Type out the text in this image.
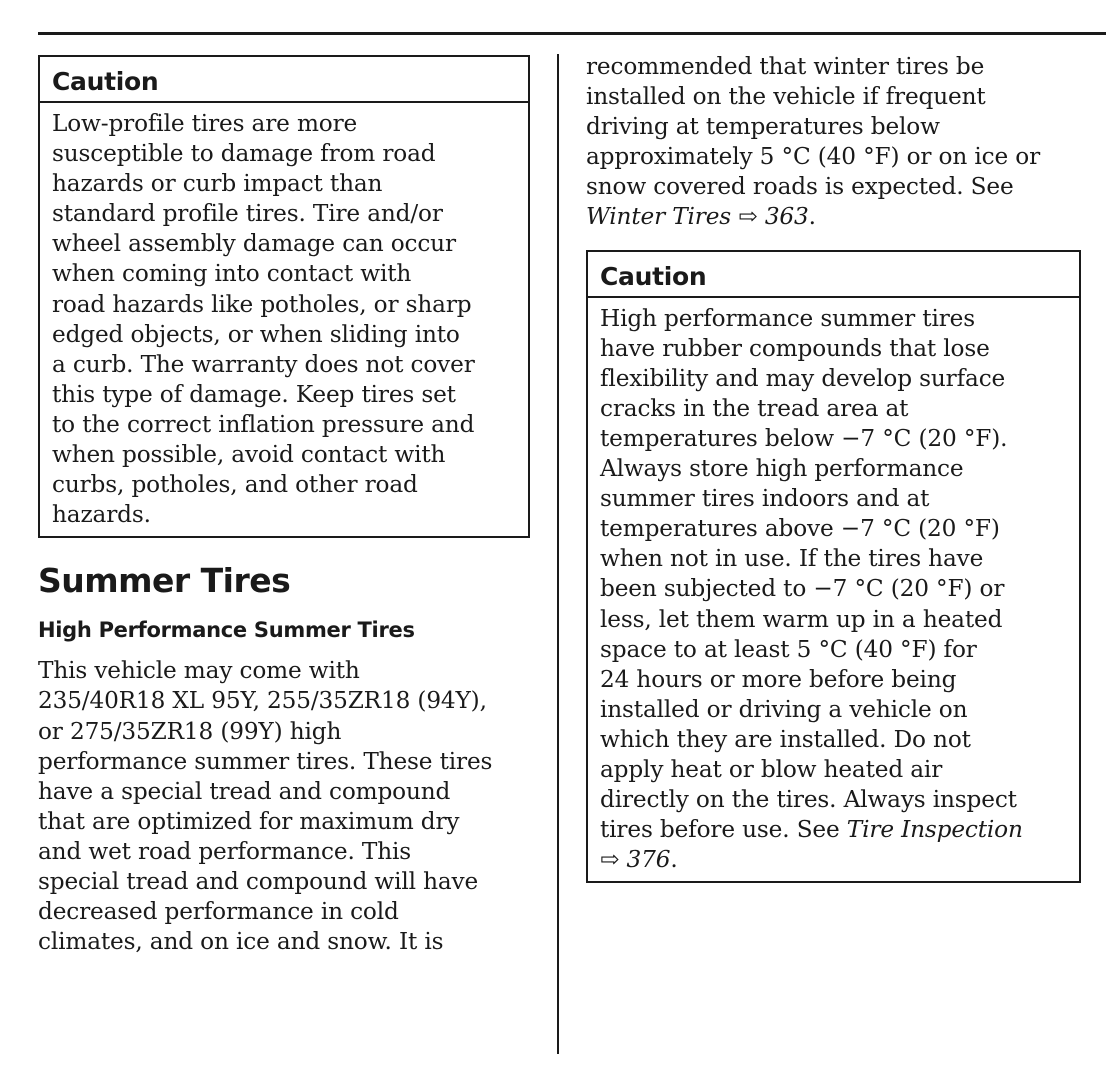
Caution

Low-profile tires are more
susceptible to damage from road
hazards or curb impact than
standard profile tires. Tire and/or
wheel assembly damage can occur
when coming into contact with
road hazards like potholes, or sharp
edged objects, or when sliding into
a curb. The warranty does not cover
this type of damage. Keep tires set
to the correct inflation pressure and
when possible, avoid contact with
curbs, potholes, and other road
hazards.

Summer Tires
High Performance Summer Tires

This vehicle may come with
235/40R18 XL 95Y, 255/35ZR18 (94Y),
or 275/35ZR18 (99Y) high
performance summer tires. These tires
have a special tread and compound
that are optimized for maximum dry
and wet road performance. This
special tread and compound will have
decreased performance in cold
climates, and on ice and snow. It is

recommended that winter tires be
installed on the vehicle if frequent
driving at temperatures below
approximately 5 °C (40 °F) or on ice or
snow covered roads is expected. See
Winter Tires ⇨ 363.

Caution

High performance summer tires
have rubber compounds that lose
flexibility and may develop surface
cracks in the tread area at
temperatures below −7 °C (20 °F).
Always store high performance
summer tires indoors and at
temperatures above −7 °C (20 °F)
when not in use. If the tires have
been subjected to −7 °C (20 °F) or
less, let them warm up in a heated
space to at least 5 °C (40 °F) for
24 hours or more before being
installed or driving a vehicle on
which they are installed. Do not
apply heat or blow heated air
directly on the tires. Always inspect
tires before use. See Tire Inspection
⇨ 376.
